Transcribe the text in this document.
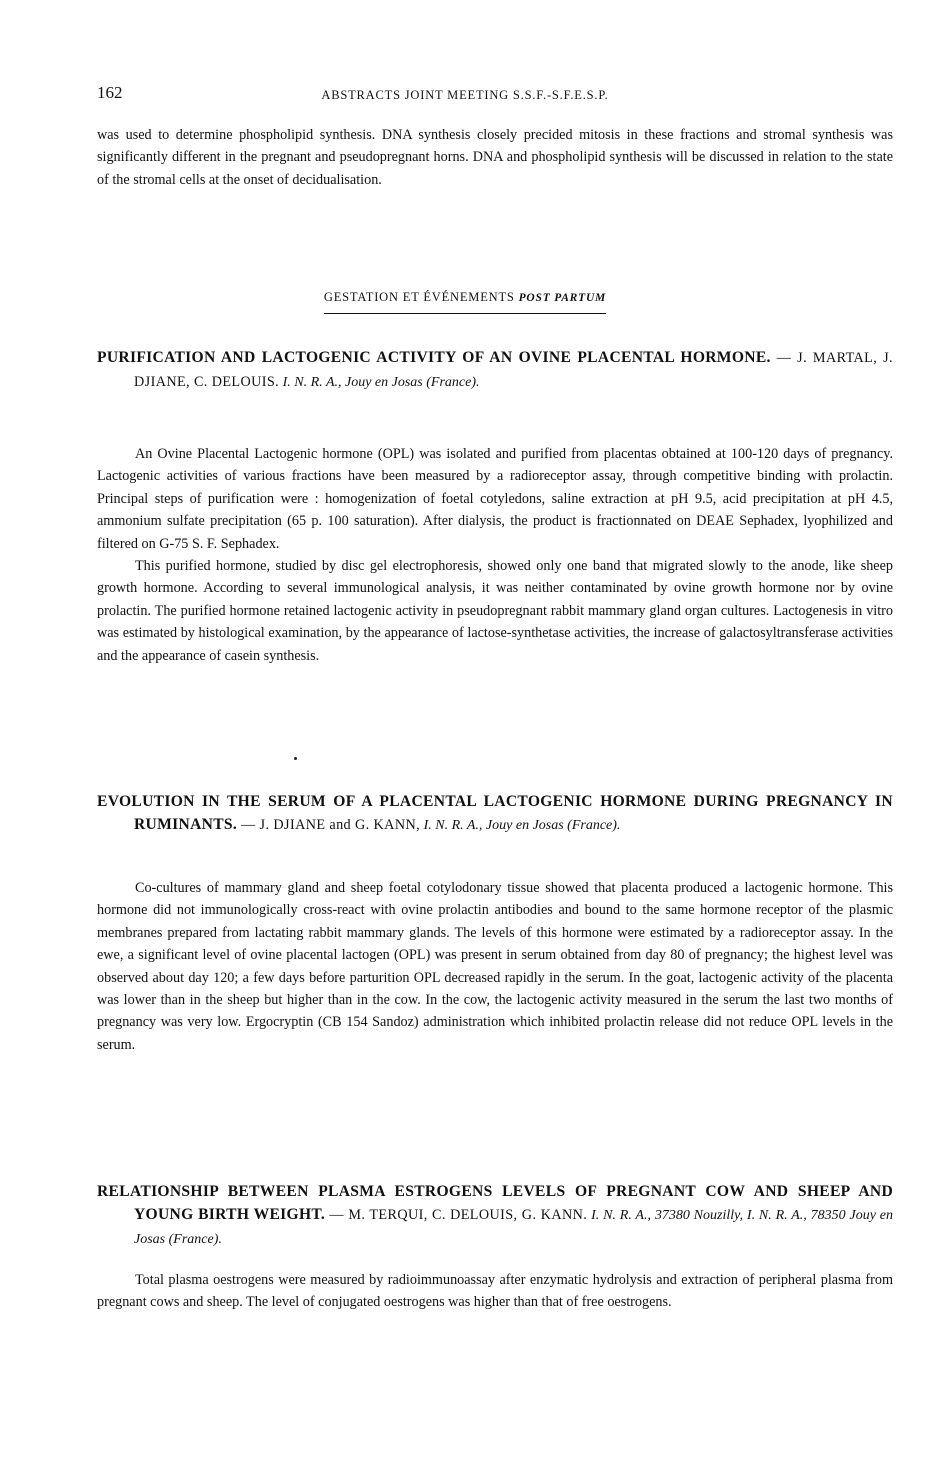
162	ABSTRACTS JOINT MEETING S.S.F.-S.F.E.S.P.

was used to determine phospholipid synthesis. DNA synthesis closely precided mitosis in these fractions and stromal synthesis was significantly different in the pregnant and pseudopregnant horns. DNA and phospholipid synthesis will be discussed in relation to the state of the stromal cells at the onset of decidualisation.

GESTATION ET ÉVÉNEMENTS POST PARTUM
PURIFICATION AND LACTOGENIC ACTIVITY OF AN OVINE PLACENTAL HORMONE. — J. MARTAL, J. DJIANE, C. DELOUIS. I. N. R. A., Jouy en Josas (France).

An Ovine Placental Lactogenic hormone (OPL) was isolated and purified from placentas obtained at 100-120 days of pregnancy. Lactogenic activities of various fractions have been measured by a radioreceptor assay, through competitive binding with prolactin. Principal steps of purification were : homogenization of foetal cotyledons, saline extraction at pH 9.5, acid precipitation at pH 4.5, ammonium sulfate precipitation (65 p. 100 saturation). After dialysis, the product is fractionnated on DEAE Sephadex, lyophilized and filtered on G-75 S. F. Sephadex.

This purified hormone, studied by disc gel electrophoresis, showed only one band that migrated slowly to the anode, like sheep growth hormone. According to several immunological analysis, it was neither contaminated by ovine growth hormone nor by ovine prolactin. The purified hormone retained lactogenic activity in pseudopregnant rabbit mammary gland organ cultures. Lactogenesis in vitro was estimated by histological examination, by the appearance of lactose-synthetase activities, the increase of galactosyltransferase activities and the appearance of casein synthesis.

EVOLUTION IN THE SERUM OF A PLACENTAL LACTOGENIC HORMONE DURING PREGNANCY IN RUMINANTS. — J. DJIANE and G. KANN, I. N. R. A., Jouy en Josas (France).

Co-cultures of mammary gland and sheep foetal cotylodonary tissue showed that placenta produced a lactogenic hormone. This hormone did not immunologically cross-react with ovine prolactin antibodies and bound to the same hormone receptor of the plasmic membranes prepared from lactating rabbit mammary glands. The levels of this hormone were estimated by a radioreceptor assay. In the ewe, a significant level of ovine placental lactogen (OPL) was present in serum obtained from day 80 of pregnancy; the highest level was observed about day 120; a few days before parturition OPL decreased rapidly in the serum. In the goat, lactogenic activity of the placenta was lower than in the sheep but higher than in the cow. In the cow, the lactogenic activity measured in the serum the last two months of pregnancy was very low. Ergocryptin (CB 154 Sandoz) administration which inhibited prolactin release did not reduce OPL levels in the serum.

RELATIONSHIP BETWEEN PLASMA ESTROGENS LEVELS OF PREGNANT COW AND SHEEP AND YOUNG BIRTH WEIGHT. — M. TERQUI, C. DELOUIS, G. KANN. I. N. R. A., 37380 Nouzilly, I. N. R. A., 78350 Jouy en Josas (France).

Total plasma oestrogens were measured by radioimmunoassay after enzymatic hydrolysis and extraction of peripheral plasma from pregnant cows and sheep. The level of conjugated oestrogens was higher than that of free oestrogens.
